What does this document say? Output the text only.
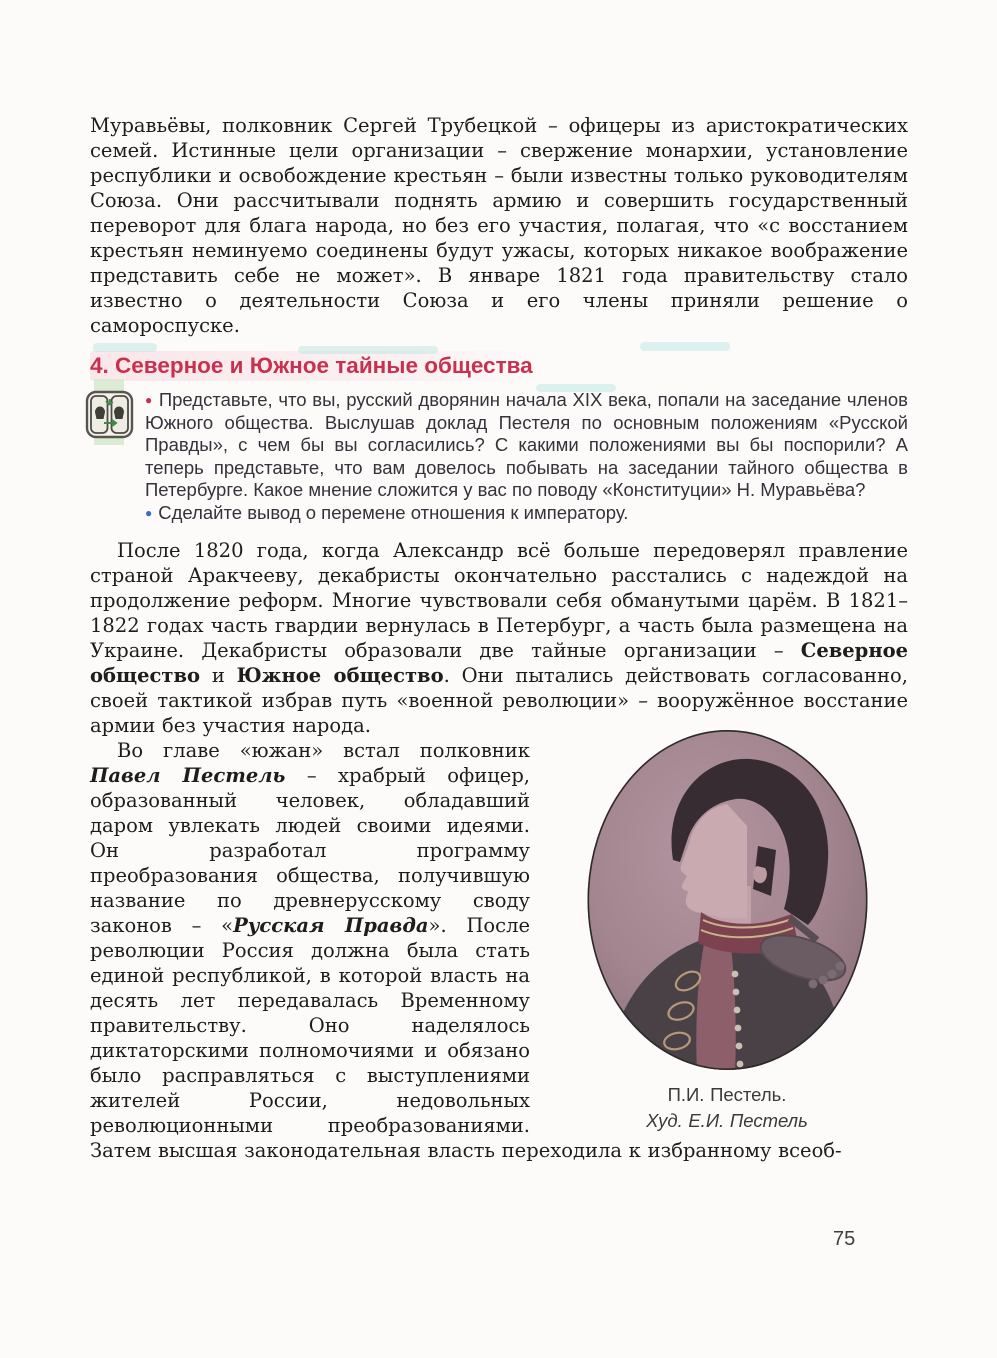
Муравьёвы, полковник Сергей Трубецкой – офицеры из аристократических семей. Истинные цели организации – свержение монархии, установление республики и освобождение крестьян – были известны только руководителям Союза. Они рассчитывали поднять армию и совершить государственный переворот для блага народа, но без его участия, полагая, что «с восстанием крестьян неминуемо соединены будут ужасы, которых никакое воображение представить себе не может». В январе 1821 года правительству стало известно о деятельности Союза и его члены приняли решение о самороспуске.
4. Северное и Южное тайные общества

● Представьте, что вы, русский дворянин начала XIX века, попали на заседание членов Южного общества. Выслушав доклад Пестеля по основным положениям «Русской Правды», с чем бы вы согласились? С какими положениями вы бы поспорили? А теперь представьте, что вам довелось побывать на заседании тайного общества в Петербурге. Какое мнение сложится у вас по поводу «Конституции» Н. Муравьёва?

● Сделайте вывод о перемене отношения к императору.

После 1820 года, когда Александр всё больше передоверял правление страной Аракчееву, декабристы окончательно расстались с надеждой на продолжение реформ. Многие чувствовали себя обманутыми царём. В 1821–1822 годах часть гвардии вернулась в Петербург, а часть была размещена на Украине. Декабристы образовали две тайные организации – Северное общество и Южное общество. Они пытались действовать согласованно, своей тактикой избрав путь «военной революции» – вооружённое восстание армии без участия народа.
П.И. Пестель.
Худ. Е.И. Пестель
Во главе «южан» встал полковник Павел Пестель – храбрый офицер, образованный человек, обладавший даром увлекать людей своими идеями. Он разработал программу преобразования общества, получившую название по древнерусскому своду законов – «Русская Правда». После революции Россия должна была стать единой республикой, в которой власть на десять лет передавалась Временному правительству. Оно наделялось диктаторскими полномочиями и обязано было расправляться с выступлениями жителей России, недовольных революционными преобразованиями. Затем высшая законодательная власть переходила к избранному всеоб-
75
